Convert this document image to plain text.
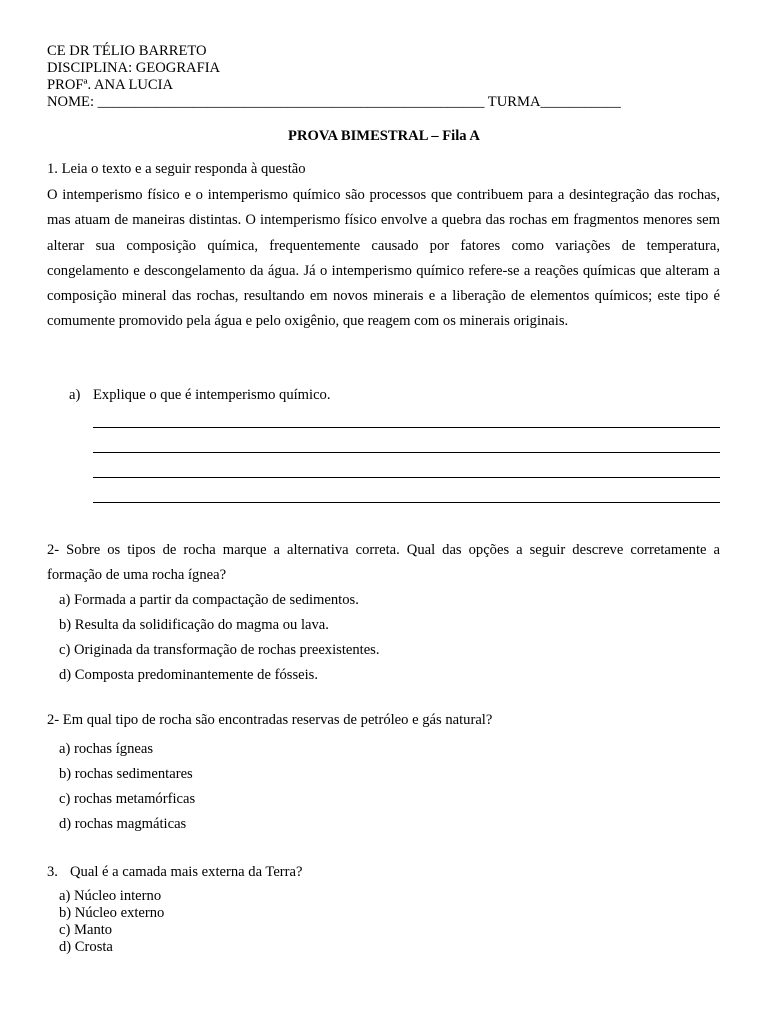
CE DR TÉLIO BARRETO
DISCIPLINA: GEOGRAFIA
PROFª. ANA LUCIA
NOME: _____________________________________________________ TURMA___________
PROVA BIMESTRAL – Fila A
1. Leia o texto e a seguir responda à questão
O intemperismo físico e o intemperismo químico são processos que contribuem para a desintegração das rochas, mas atuam de maneiras distintas. O intemperismo físico envolve a quebra das rochas em fragmentos menores sem alterar sua composição química, frequentemente causado por fatores como variações de temperatura, congelamento e descongelamento da água. Já o intemperismo químico refere-se a reações químicas que alteram a composição mineral das rochas, resultando em novos minerais e a liberação de elementos químicos; este tipo é comumente promovido pela água e pelo oxigênio, que reagem com os minerais originais.
a) Explique o que é intemperismo químico.
2- Sobre os tipos de rocha marque a alternativa correta. Qual das opções a seguir descreve corretamente a formação de uma rocha ígnea?
a) Formada a partir da compactação de sedimentos.
b) Resulta da solidificação do magma ou lava.
c) Originada da transformação de rochas preexistentes.
d) Composta predominantemente de fósseis.
2- Em qual tipo de rocha são encontradas reservas de petróleo e gás natural?
a) rochas ígneas
b) rochas sedimentares
c) rochas metamórficas
d) rochas magmáticas
3. Qual é a camada mais externa da Terra?
a) Núcleo interno
b) Núcleo externo
c) Manto
d) Crosta
